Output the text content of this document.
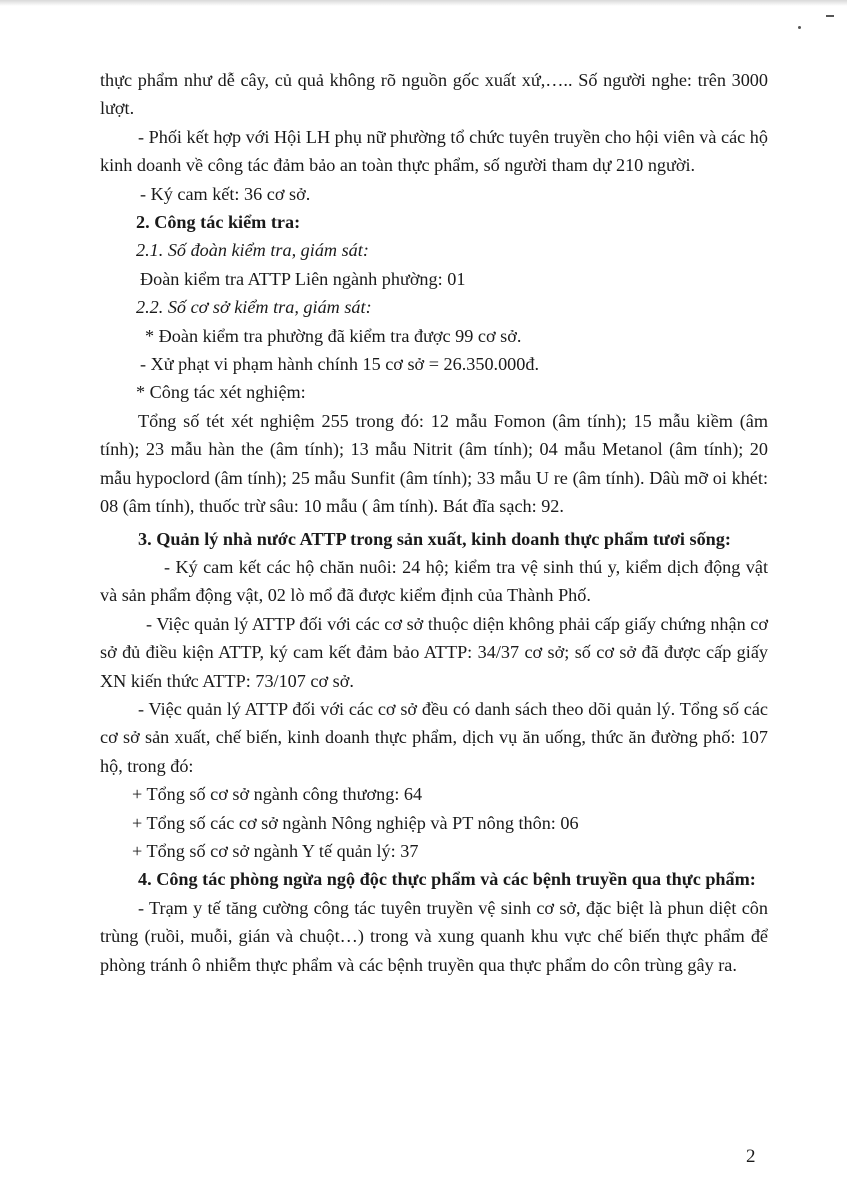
thực phẩm như dễ cây, củ quả không rõ nguồn gốc xuất xứ,….. Số người nghe: trên 3000 lượt.

- Phối kết hợp với Hội LH phụ nữ phường tổ chức tuyên truyền cho hội viên và các hộ kinh doanh về công tác đảm bảo an toàn thực phẩm, số người tham dự 210 người.

- Ký cam kết: 36 cơ sở.

2. Công tác kiểm tra:

2.1. Số đoàn kiểm tra, giám sát:

Đoàn kiểm tra ATTP Liên ngành phường: 01

2.2. Số cơ sở kiểm tra, giám sát:

* Đoàn kiểm tra phường đã kiểm tra được 99 cơ sở.

- Xử phạt vi phạm hành chính 15 cơ sở = 26.350.000đ.

* Công tác xét nghiệm:

Tổng số tét xét nghiệm 255 trong đó: 12 mẫu Fomon (âm tính); 15 mẫu kiềm (âm tính); 23 mẫu hàn the (âm tính); 13 mẫu Nitrit (âm tính); 04 mẫu Metanol (âm tính); 20 mẫu hypoclord (âm tính); 25 mẫu Sunfit (âm tính); 33 mẫu U re (âm tính). Dâù mỡ oi khét: 08 (âm tính), thuốc trừ sâu: 10 mẫu ( âm tính). Bát đĩa sạch: 92.

3. Quản lý nhà nước ATTP trong sản xuất, kinh doanh thực phẩm tươi sống:

- Ký cam kết các hộ chăn nuôi: 24 hộ; kiểm tra vệ sinh thú y, kiểm dịch động vật và sản phẩm động vật, 02 lò mổ đã được kiểm định của Thành Phố.

- Việc quản lý ATTP đối với các cơ sở thuộc diện không phải cấp giấy chứng nhận cơ sở đủ điều kiện ATTP, ký cam kết đảm bảo ATTP: 34/37 cơ sở; số cơ sở đã được cấp giấy XN kiến thức ATTP: 73/107 cơ sở.

- Việc quản lý ATTP đối với các cơ sở đều có danh sách theo dõi quản lý. Tổng số các cơ sở sản xuất, chế biến, kinh doanh thực phẩm, dịch vụ ăn uống, thức ăn đường phố: 107 hộ, trong đó:

+ Tổng số cơ sở ngành công thương: 64

+ Tổng số các cơ sở ngành Nông nghiệp và PT nông thôn: 06

+ Tổng số cơ sở ngành Y tế quản lý: 37

4. Công tác phòng ngừa ngộ độc thực phẩm và các bệnh truyền qua thực phẩm:

- Trạm y tế tăng cường công tác tuyên truyền vệ sinh cơ sở, đặc biệt là phun diệt côn trùng (ruồi, muỗi, gián và chuột…) trong và xung quanh khu vực chế biến thực phẩm để phòng tránh ô nhiễm thực phẩm và các bệnh truyền qua thực phẩm do côn trùng gây ra.

2
